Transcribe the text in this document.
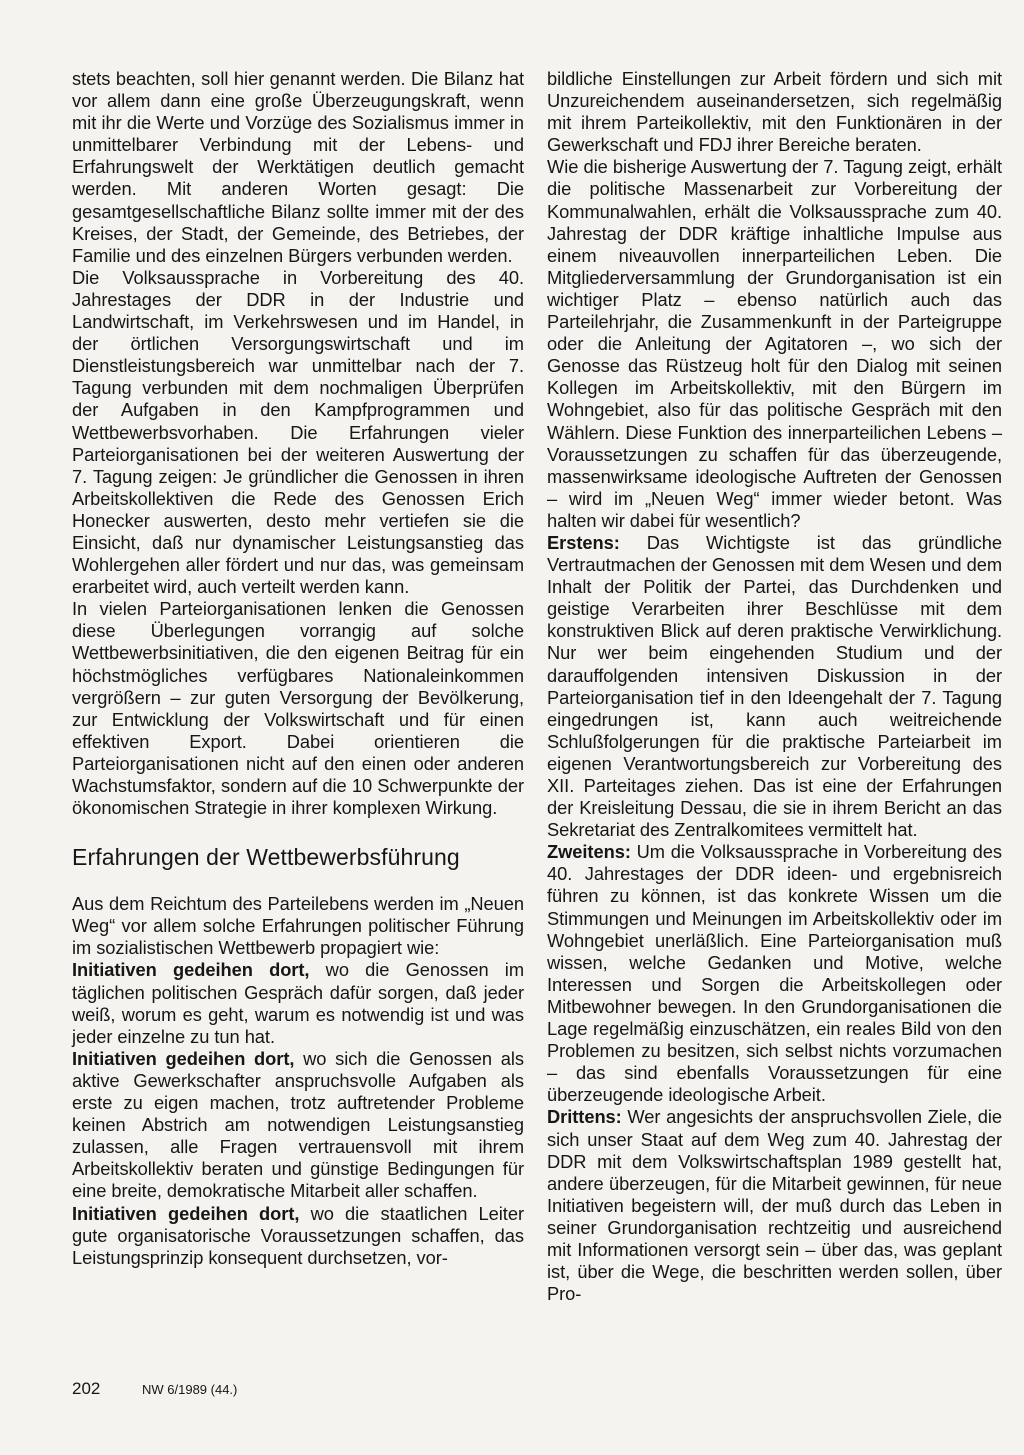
stets beachten, soll hier genannt werden. Die Bilanz hat vor allem dann eine große Überzeugungskraft, wenn mit ihr die Werte und Vorzüge des Sozialismus immer in unmittelbarer Verbindung mit der Lebens- und Erfahrungswelt der Werktätigen deutlich gemacht werden. Mit anderen Worten gesagt: Die gesamtgesellschaftliche Bilanz sollte immer mit der des Kreises, der Stadt, der Gemeinde, des Betriebes, der Familie und des einzelnen Bürgers verbunden werden.

Die Volksaussprache in Vorbereitung des 40. Jahrestages der DDR in der Industrie und Landwirtschaft, im Verkehrswesen und im Handel, in der örtlichen Versorgungswirtschaft und im Dienstleistungsbereich war unmittelbar nach der 7. Tagung verbunden mit dem nochmaligen Überprüfen der Aufgaben in den Kampfprogrammen und Wettbewerbsvorhaben. Die Erfahrungen vieler Parteiorganisationen bei der weiteren Auswertung der 7. Tagung zeigen: Je gründlicher die Genossen in ihren Arbeitskollektiven die Rede des Genossen Erich Honecker auswerten, desto mehr vertiefen sie die Einsicht, daß nur dynamischer Leistungsanstieg das Wohlergehen aller fördert und nur das, was gemeinsam erarbeitet wird, auch verteilt werden kann.

In vielen Parteiorganisationen lenken die Genossen diese Überlegungen vorrangig auf solche Wettbewerbsinitiativen, die den eigenen Beitrag für ein höchstmögliches verfügbares Nationaleinkommen vergrößern – zur guten Versorgung der Bevölkerung, zur Entwicklung der Volkswirtschaft und für einen effektiven Export. Dabei orientieren die Parteiorganisationen nicht auf den einen oder anderen Wachstumsfaktor, sondern auf die 10 Schwerpunkte der ökonomischen Strategie in ihrer komplexen Wirkung.

Erfahrungen der Wettbewerbsführung

Aus dem Reichtum des Parteilebens werden im „Neuen Weg“ vor allem solche Erfahrungen politischer Führung im sozialistischen Wettbewerb propagiert wie:

Initiativen gedeihen dort, wo die Genossen im täglichen politischen Gespräch dafür sorgen, daß jeder weiß, worum es geht, warum es notwendig ist und was jeder einzelne zu tun hat.

Initiativen gedeihen dort, wo sich die Genossen als aktive Gewerkschafter anspruchsvolle Aufgaben als erste zu eigen machen, trotz auftretender Probleme keinen Abstrich am notwendigen Leistungsanstieg zulassen, alle Fragen vertrauensvoll mit ihrem Arbeitskollektiv beraten und günstige Bedingungen für eine breite, demokratische Mitarbeit aller schaffen.

Initiativen gedeihen dort, wo die staatlichen Leiter gute organisatorische Voraussetzungen schaffen, das Leistungsprinzip konsequent durchsetzen, vor-

bildliche Einstellungen zur Arbeit fördern und sich mit Unzureichendem auseinandersetzen, sich regelmäßig mit ihrem Parteikollektiv, mit den Funktionären in der Gewerkschaft und FDJ ihrer Bereiche beraten.

Wie die bisherige Auswertung der 7. Tagung zeigt, erhält die politische Massenarbeit zur Vorbereitung der Kommunalwahlen, erhält die Volksaussprache zum 40. Jahrestag der DDR kräftige inhaltliche Impulse aus einem niveauvollen innerparteilichen Leben. Die Mitgliederversammlung der Grundorganisation ist ein wichtiger Platz – ebenso natürlich auch das Parteilehrjahr, die Zusammenkunft in der Parteigruppe oder die Anleitung der Agitatoren –, wo sich der Genosse das Rüstzeug holt für den Dialog mit seinen Kollegen im Arbeitskollektiv, mit den Bürgern im Wohngebiet, also für das politische Gespräch mit den Wählern. Diese Funktion des innerparteilichen Lebens – Voraussetzungen zu schaffen für das überzeugende, massenwirksame ideologische Auftreten der Genossen – wird im „Neuen Weg“ immer wieder betont. Was halten wir dabei für wesentlich?

Erstens: Das Wichtigste ist das gründliche Vertrautmachen der Genossen mit dem Wesen und dem Inhalt der Politik der Partei, das Durchdenken und geistige Verarbeiten ihrer Beschlüsse mit dem konstruktiven Blick auf deren praktische Verwirklichung. Nur wer beim eingehenden Studium und der darauffolgenden intensiven Diskussion in der Parteiorganisation tief in den Ideengehalt der 7. Tagung eingedrungen ist, kann auch weitreichende Schlußfolgerungen für die praktische Parteiarbeit im eigenen Verantwortungsbereich zur Vorbereitung des XII. Parteitages ziehen. Das ist eine der Erfahrungen der Kreisleitung Dessau, die sie in ihrem Bericht an das Sekretariat des Zentralkomitees vermittelt hat.

Zweitens: Um die Volksaussprache in Vorbereitung des 40. Jahrestages der DDR ideen- und ergebnisreich führen zu können, ist das konkrete Wissen um die Stimmungen und Meinungen im Arbeitskollektiv oder im Wohngebiet unerläßlich. Eine Parteiorganisation muß wissen, welche Gedanken und Motive, welche Interessen und Sorgen die Arbeitskollegen oder Mitbewohner bewegen. In den Grundorganisationen die Lage regelmäßig einzuschätzen, ein reales Bild von den Problemen zu besitzen, sich selbst nichts vorzumachen – das sind ebenfalls Voraussetzungen für eine überzeugende ideologische Arbeit.

Drittens: Wer angesichts der anspruchsvollen Ziele, die sich unser Staat auf dem Weg zum 40. Jahrestag der DDR mit dem Volkswirtschaftsplan 1989 gestellt hat, andere überzeugen, für die Mitarbeit gewinnen, für neue Initiativen begeistern will, der muß durch das Leben in seiner Grundorganisation rechtzeitig und ausreichend mit Informationen versorgt sein – über das, was geplant ist, über die Wege, die beschritten werden sollen, über Pro-

202	NW 6/1989 (44.)
